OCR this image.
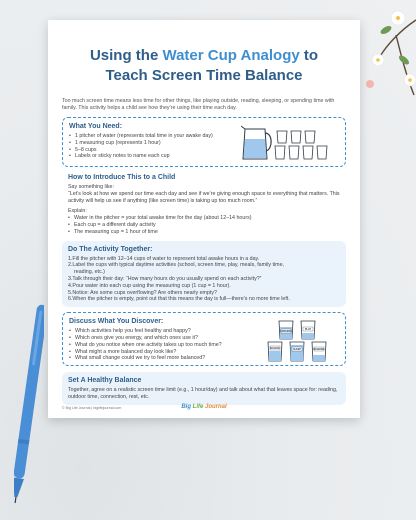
Using the Water Cup Analogy to
Teach Screen Time Balance

Too much screen time means less time for other things, like playing outside, reading, sleeping, or spending time with family. This activity helps a child see how they’re using their time each day.

What You Need:
• 1 pitcher of water (represents total time in your awake day)
• 1 measuring cup (represents 1 hour)
• 5–8 cups
• Labels or sticky notes to name each cup
How to Introduce This to a Child

Say something like:

“Let’s look at how we spend our time each day and see if we’re giving enough space to everything that matters. This activity will help us see if anything (like screen time) is taking up too much room.”

Explain:

• Water in the pitcher = your total awake time for the day (about 12–14 hours)
• Each cup = a different daily activity
• The measuring cup = 1 hour of time
Do The Activity Together:
1.Fill the pitcher with 12–14 cups of water to represent total awake hours in a day.
2.Label the cups with typical daytime activities (school, screen time, play, meals, family time,
reading, etc.)
3.Talk through their day: “How many hours do you usually spend on each activity?”
4.Pour water into each cup using the measuring cup (1 cup = 1 hour).
5.Notice: Are some cups overflowing? Are others nearly empty?
6.When the pitcher is empty, point out that this means the day is full—there’s no more time left.
Discuss What You Discover:
• Which activities help you feel healthy and happy?
• Which ones give you energy, and which ones use it?
• What do you notice when one activity takes up too much time?
• What might a more balanced day look like?
• What small change could we try to feel more balanced?
SCREENS
PLAY
SCHOOL	SLEEP	READING
Set A Healthy Balance

Together, agree on a realistic screen time limit (e.g., 1 hour/day) and talk about what that leaves space for: reading, outdoor time, connection, rest, etc.

© Big Life Journal | biglifejournal.com	Big Life Journal
